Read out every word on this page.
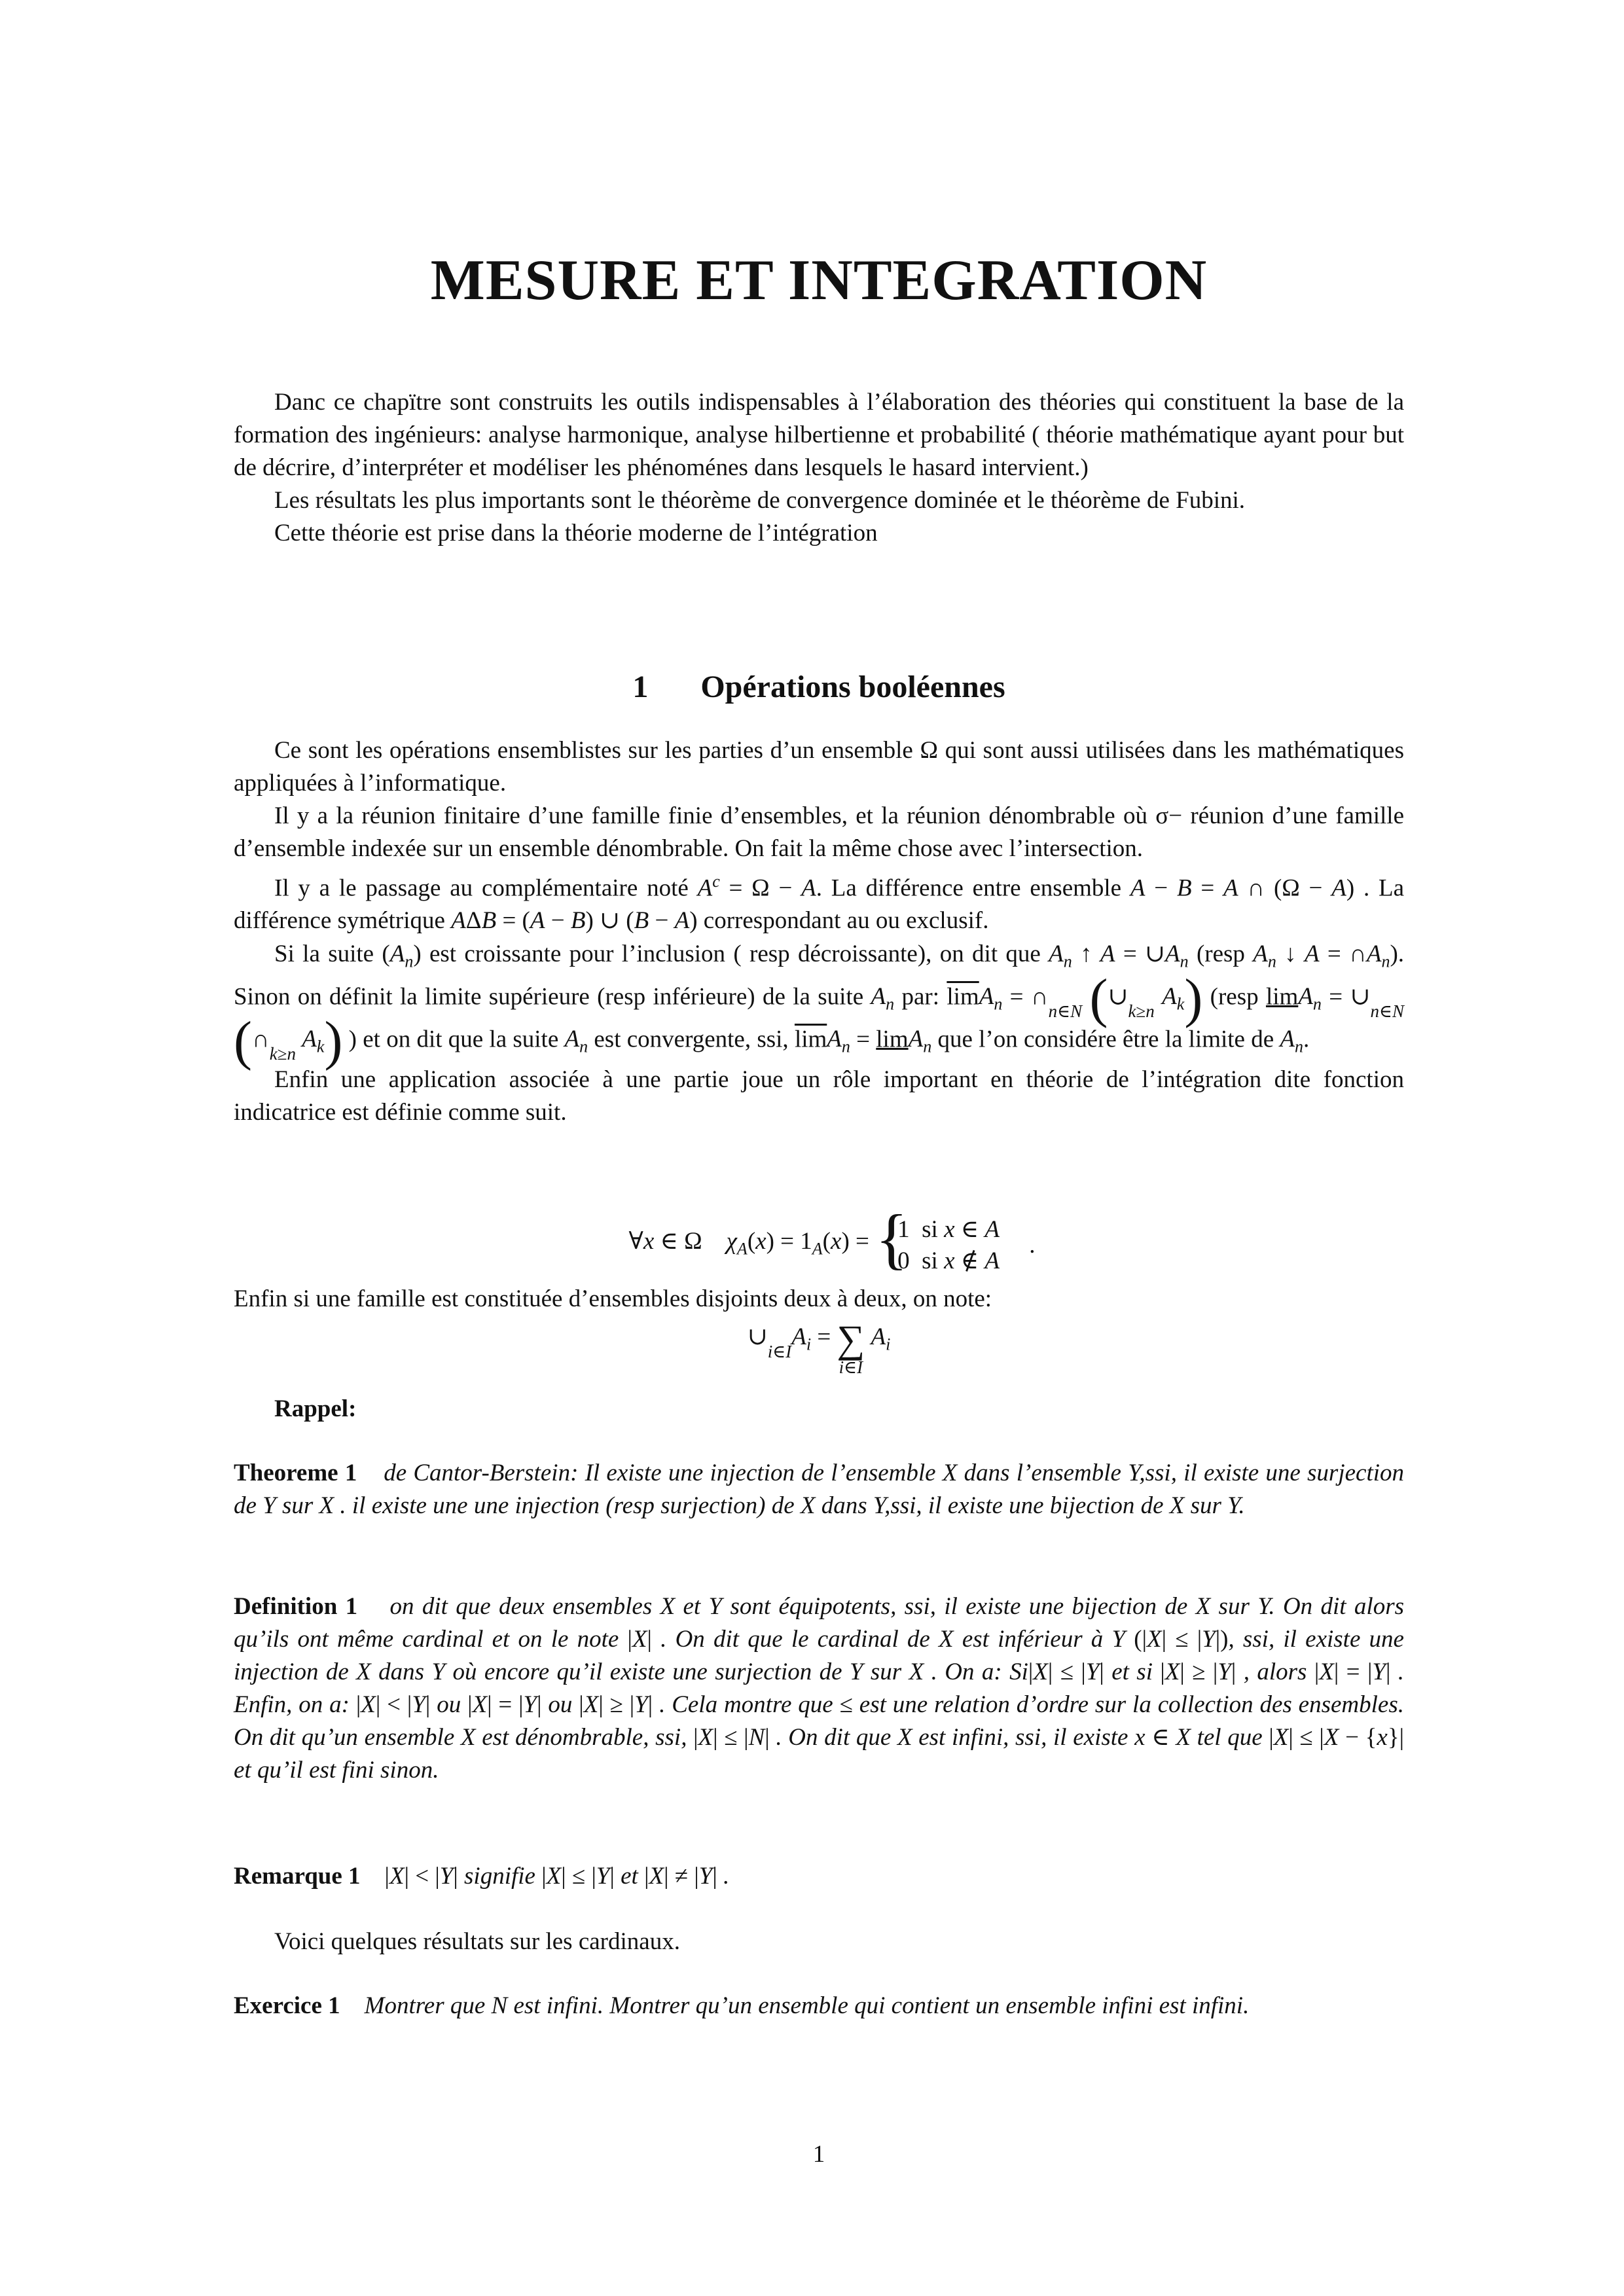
MESURE ET INTEGRATION

Danc ce chapïtre sont construits les outils indispensables à l’élaboration des théories qui constituent la base de la formation des ingénieurs: analyse harmonique, analyse hilbertienne et probabilité ( théorie mathématique ayant pour but de décrire, d’interpréter et modéliser les phénoménes dans lesquels le hasard intervient.)

Les résultats les plus importants sont le théorème de convergence dominée et le théorème de Fubini.

Cette théorie est prise dans la théorie moderne de l’intégration

1 Opérations booléennes

Ce sont les opérations ensemblistes sur les parties d’un ensemble Ω qui sont aussi utilisées dans les mathématiques appliquées à l’informatique.

Il y a la réunion finitaire d’une famille finie d’ensembles, et la réunion dénombrable où σ− réunion d’une famille d’ensemble indexée sur un ensemble dénombrable. On fait la même chose avec l’intersection.

Il y a le passage au complémentaire noté $A^c = \Omega - A$. La différence entre ensemble A − B = A ∩ (Ω − A) . La différence symétrique AΔB = (A − B) ∪ (B − A) correspondant au ou exclusif.

Si la suite $(A_n)$ est croissante pour l’inclusion ( resp décroissante), on dit que $A_n$ ↑ $A = \cup A_n$ (resp $A_n$ ↓ $A = \cap A_n$). Sinon on définit la limite supérieure (resp inférieure) de la suite $A_n$ par: $\overline{lim}A_n$ = $\cap_{n\in N}$ ($\cup_{k\ge n}$ $A_k$) (resp $\lim A_n = \cup_{n\in N}$ ($\cap_{k\ge n}$ $A_k$) ) et on dit que la suite $A_n$ est convergente, ssi, $\overline{lim}A_n = \lim A_n$ que l’on considére être la limite de $A_n$.

Enfin une application associée à une partie joue un rôle important en théorie de l’intégration dite fonction indicatrice est définie comme suit.

∀x ∈ Ω    $\chi_A(x) = 1_A(x)$ = {
1  si x ∈ A
0  si x ∉ A
.

Enfin si une famille est constituée d’ensembles disjoints deux à deux, on note:

$\cup_{i\in I}A_i$ = ∑
i∈I
$A_i$

Rappel:

Theoreme 1 de Cantor-Berstein: Il existe une injection de l’ensemble X dans l’ensemble Y,ssi, il existe une surjection de Y sur X . il existe une une injection (resp surjection) de X dans Y,ssi, il existe une bijection de X sur Y.

Definition 1 on dit que deux ensembles X et Y sont équipotents, ssi, il existe une bijection de X sur Y. On dit alors qu’ils ont même cardinal et on le note |X| . On dit que le cardinal de X est inférieur à Y (|X| ≤ |Y|), ssi, il existe une injection de X dans Y où encore qu’il existe une surjection de Y sur X . On a: Si|X| ≤ |Y| et si |X| ≥ |Y| , alors |X| = |Y| . Enfin, on a: |X| < |Y| ou |X| = |Y| ou |X| ≥ |Y| . Cela montre que ≤ est une relation d’ordre sur la collection des ensembles. On dit qu’un ensemble X est dénombrable, ssi, |X| ≤ |N| . On dit que X est infini, ssi, il existe x ∈ X tel que |X| ≤ |X − {x}| et qu’il est fini sinon.

Remarque 1    |X| < |Y| signifie |X| ≤ |Y| et |X| ≠ |Y| .

Voici quelques résultats sur les cardinaux.

Exercice 1 Montrer que N est infini. Montrer qu’un ensemble qui contient un ensemble infini est infini.

1
